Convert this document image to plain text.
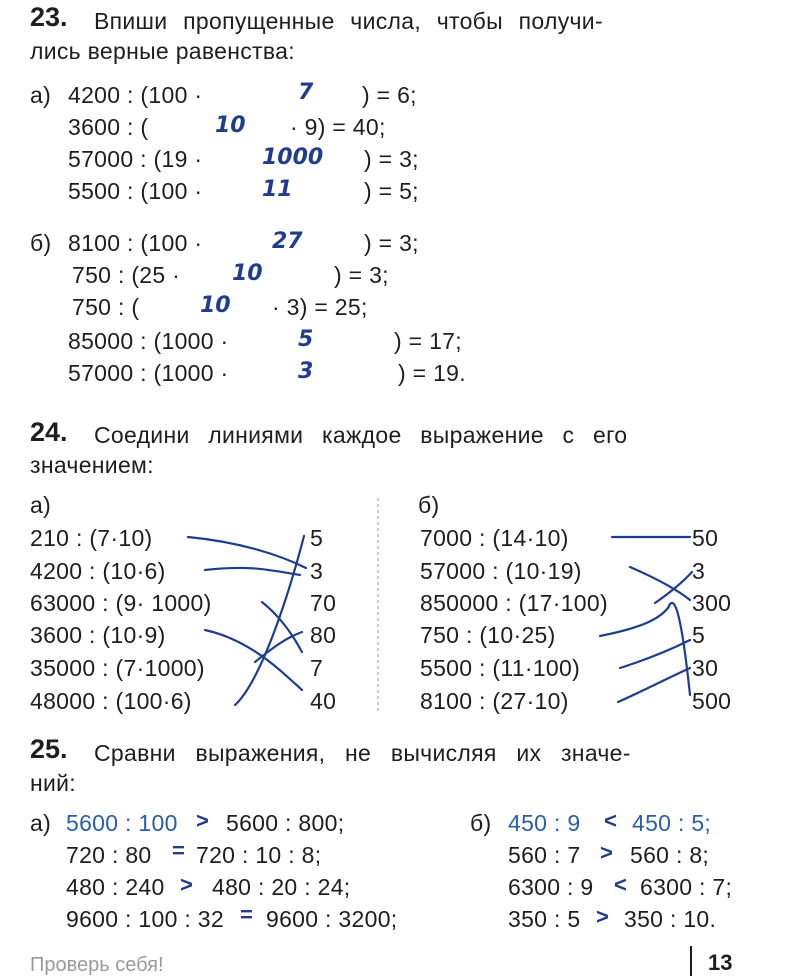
23. Впиши пропущенные числа, чтобы получи-
лись верные равенства:
а) 4200 : (100 ·	7 ) = 6;
3600 : (	10 · 9) = 40;
57000 : (19 ·	1000 ) = 3;
5500 : (100 ·	11	) = 5;
б) 8100 : (100 ·	27	) = 3;
750 : (25 · 10	) = 3;
750 : (	10 · 3) = 25;
85000 : (1000 ·	5	) = 17;
57000 : (1000 ·	3	) = 19.
24. Соедини линиями каждое выражение с его
значением:
а)	б)
210 : (7·10)
4200 : (10·6)
63000 : (9· 1000)
3600 : (10·9)
35000 : (7·1000)
48000 : (100·6)
5
3
70
80
7
40
7000 : (14·10)
57000 : (10·19)
850000 : (17·100)
750 : (10·25)
5500 : (11·100)
8100 : (27·10)
50
3
300
5
30
500
25. Сравни выражения, не вычисляя их значе-
ний:
а) 5600 : 100 > 5600 : 800;
720 : 80 = 720 : 10 : 8;
480 : 240 > 480 : 20 : 24;
9600 : 100 : 32 = 9600 : 3200;
б) 450 : 9 < 450 : 5;
560 : 7 > 560 : 8;
6300 : 9 < 6300 : 7;
350 : 5 > 350 : 10.
Проверь себя!	13
